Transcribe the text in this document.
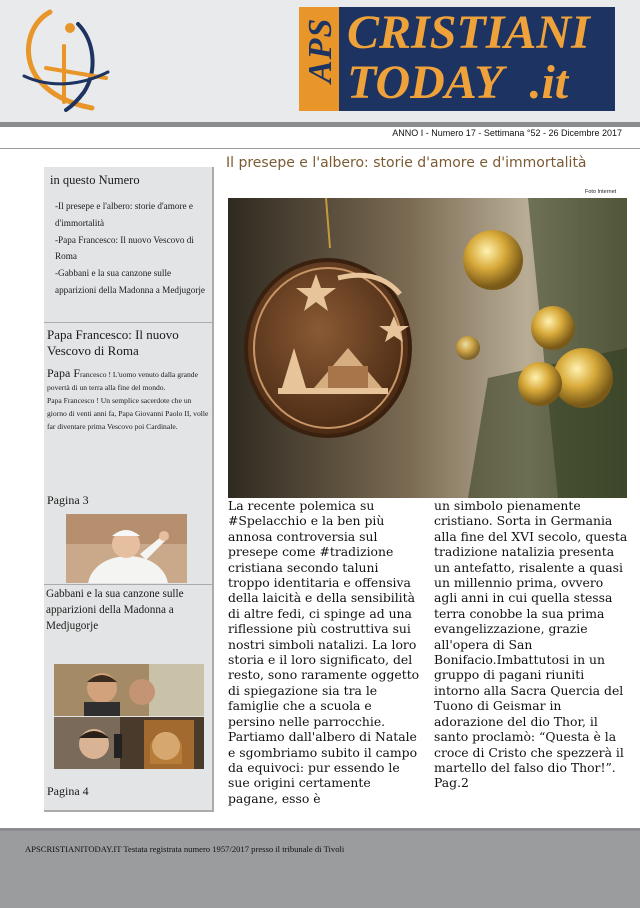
APS CRISTIANI
TODAY .it
ANNO I - Numero 17 - Settimana °52 - 26 Dicembre 2017
in questo Numero
-Il presepe e l'albero: storie d'amore e d'immortalità
-Papa Francesco: Il nuovo Vescovo di Roma
-Gabbani e la sua canzone sulle apparizioni della Madonna a Medjugorje
Papa Francesco: Il nuovo Vescovo di Roma
Papa Francesco ! L'uomo venuto dalla grande povertà di un terra alla fine del mondo.
Papa Francesco ! Un semplice sacerdote che un giorno di venti anni fa, Papa Giovanni Paolo II, volle far diventare prima Vescovo poi Cardinale.
Pagina 3
Gabbani e la sua canzone sulle apparizioni della Madonna a Medjugorje
Pagina 4
Il presepe e l'albero: storie d'amore e d'immortalità
Foto Internet
La recente polemica su #Spelacchio e la ben più annosa controversia sul presepe come #tradizione cristiana secondo taluni troppo identitaria e offensiva della laicità e della sensibilità di altre fedi, ci spinge ad una riflessione più costruttiva sui nostri simboli natalizi. La loro storia e il loro significato, del resto, sono raramente oggetto di spiegazione sia tra le famiglie che a scuola e persino nelle parrocchie. Partiamo dall'albero di Natale e sgombriamo subito il campo da equivoci: pur essendo le sue origini certamente pagane, esso è
un simbolo pienamente cristiano. Sorta in Germania alla fine del XVI secolo, questa tradizione natalizia presenta un antefatto, risalente a quasi un millennio prima, ovvero agli anni in cui quella stessa terra conobbe la sua prima evangelizzazione, grazie all'opera di San Bonifacio.Imbattutosi in un gruppo di pagani riuniti intorno alla Sacra Quercia del Tuono di Geismar in adorazione del dio Thor, il santo proclamò: “Questa è la croce di Cristo che spezzerà il martello del falso dio Thor!”.
Pag.2
APSCRISTIANITODAY.IT Testata registrata numero 1957/2017 presso il tribunale di Tivoli
